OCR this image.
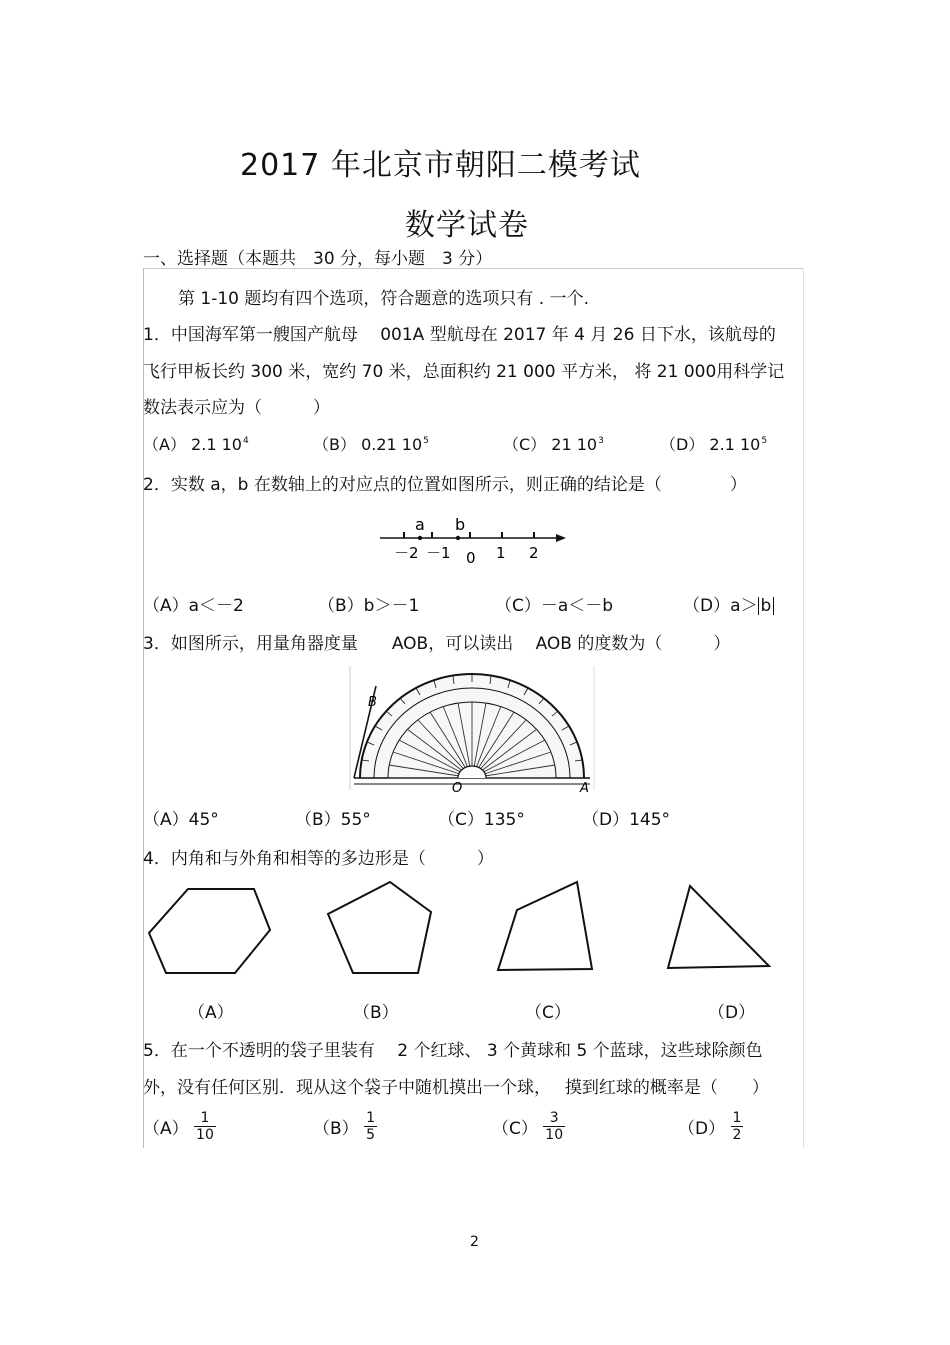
2017 年北京市朝阳二模考试
数学试卷
一、选择题（本题共　30 分，每小题　3 分）
第 1-10 题均有四个选项，符合题意的选项只有 . 一个.
1．中国海军第一艘国产航母　 001A 型航母在 2017 年 4 月 26 日下水，该航母的
飞行甲板长约 300 米，宽约 70 米，总面积约 21 000 平方米， 将 21 000用科学记
数法表示应为（　　　）
（A） 2.1 $10^4$	（B） 0.21 $10^5$	（C） 21 $10^3$	（D） 2.1 $10^5$
2．实数 a，b 在数轴上的对应点的位置如图所示，则正确的结论是（　　　　）
a b
－2 －1 0 1 2
（A）a＜－2	（B）b＞－1	（C）－a＜－b	（D）a＞ b
3．如图所示，用量角器度量　　AOB，可以读出　 AOB 的度数为（　　　）
B
O	A
（A）45°	（B）55°	（C）135°	（D）145°
4．内角和与外角和相等的多边形是（　　　）
（A）	（B）	（C）	（D）
5．在一个不透明的袋子里装有　 2 个红球、 3 个黄球和 5 个蓝球，这些球除颜色
外，没有任何区别．现从这个袋子中随机摸出一个球，　 摸到红球的概率是（　　）
$(A) \frac{1}{10}$	$(B) \frac{1}{5}$	$(C) \frac{3}{10}$	$(D) \frac{1}{2}$
2
